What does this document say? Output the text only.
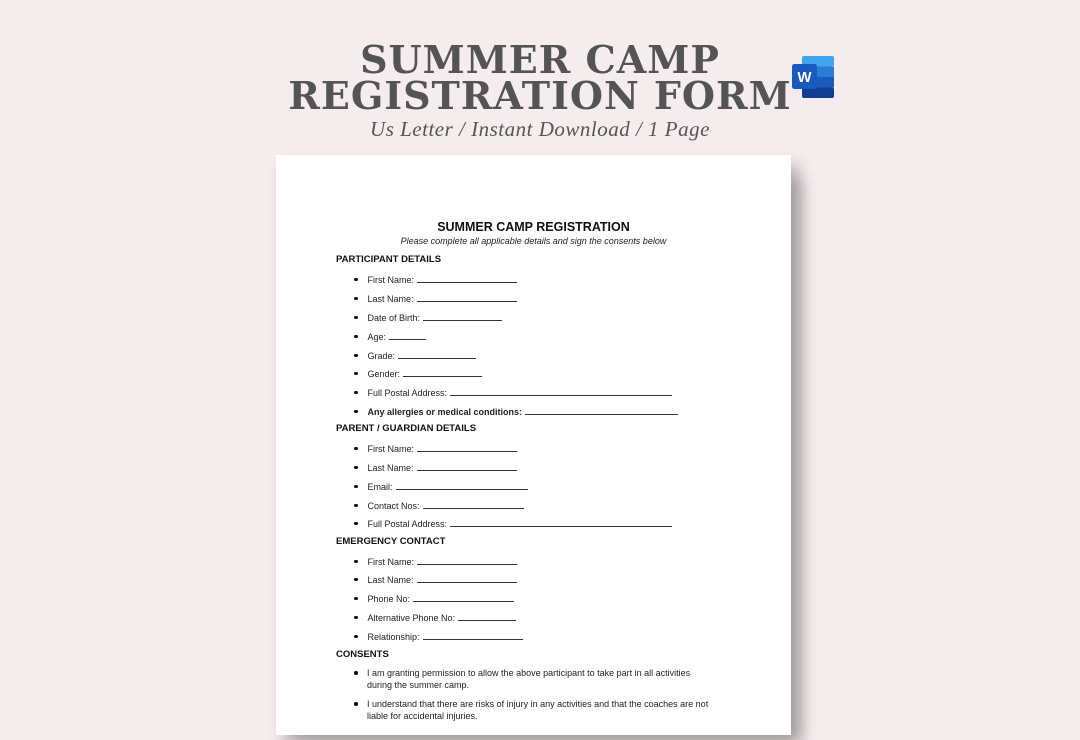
SUMMER CAMP
REGISTRATION FORM
Us Letter / Instant Download / 1 Page
W
SUMMER CAMP REGISTRATION
Please complete all applicable details and sign the consents below
PARTICIPANT DETAILS
First Name:
Last Name:
Date of Birth:
Age:
Grade:
Gender:
Full Postal Address:
Any allergies or medical conditions:
PARENT / GUARDIAN DETAILS
First Name:
Last Name:
Email:
Contact Nos:
Full Postal Address:
EMERGENCY CONTACT
First Name:
Last Name:
Phone No:
Alternative Phone No:
Relationship:
CONSENTS
I am granting permission to allow the above participant to take part in all activities during the summer camp.
I understand that there are risks of injury in any activities and that the coaches are not liable for accidental injuries.
